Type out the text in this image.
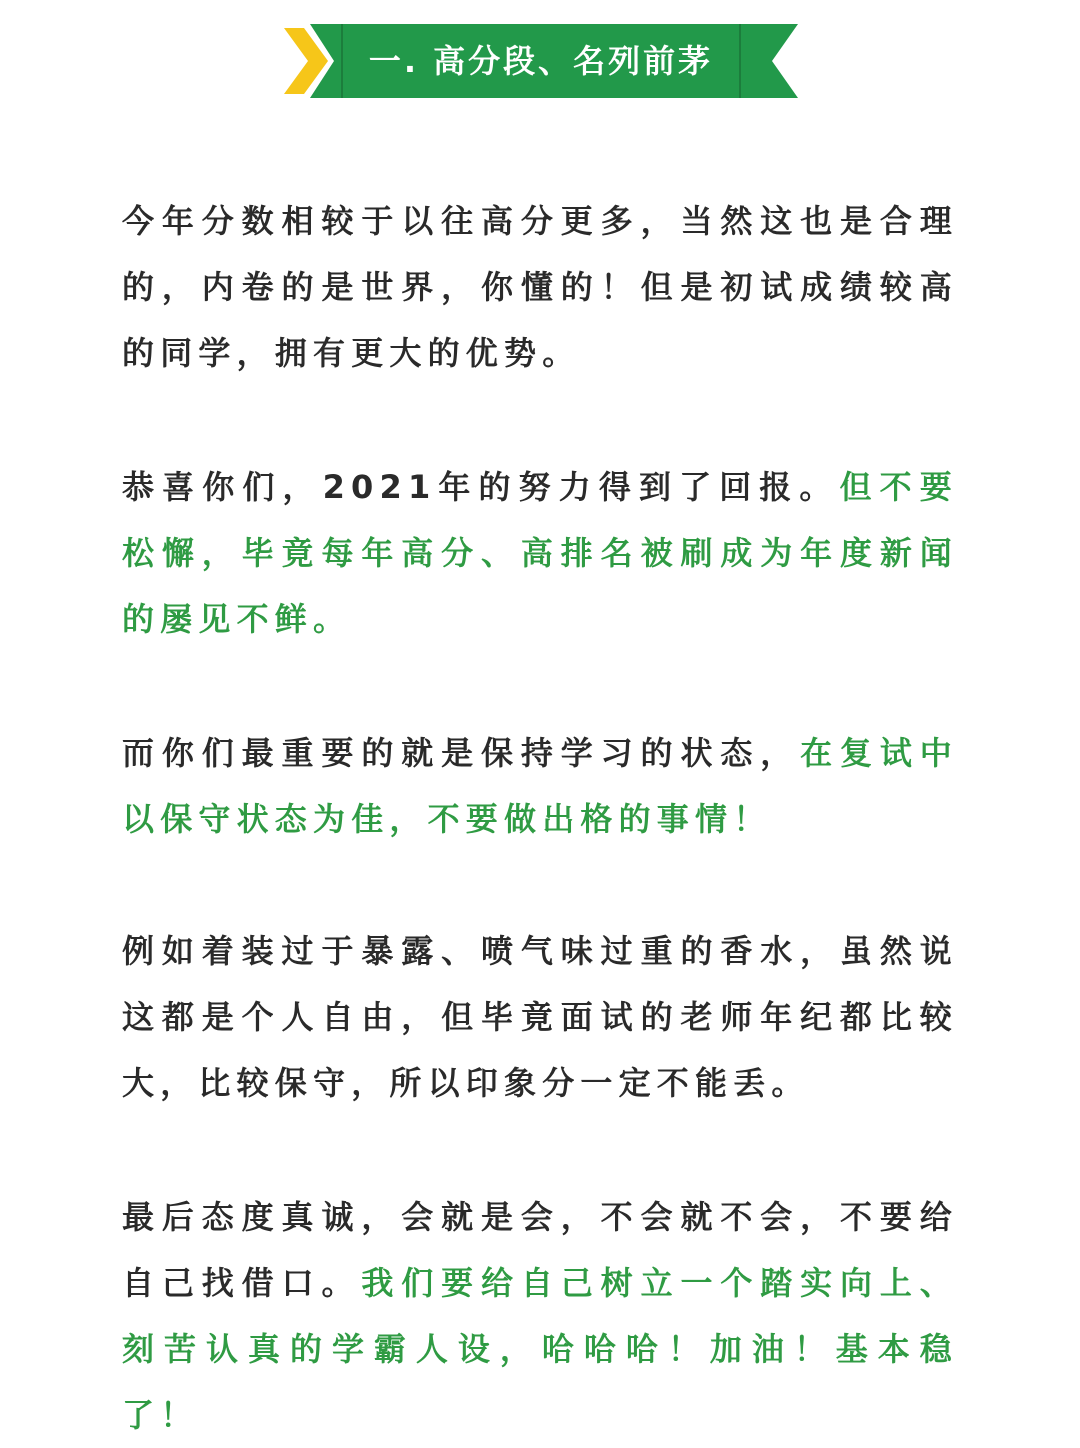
一. 高分段、名列前茅

今年分数相较于以往高分更多，当然这也是合理的，内卷的是世界，你懂的！但是初试成绩较高的同学，拥有更大的优势。

恭喜你们，2021年的努力得到了回报。但不要松懈，毕竟每年高分、高排名被刷成为年度新闻的屡见不鲜。

而你们最重要的就是保持学习的状态，在复试中以保守状态为佳，不要做出格的事情！

例如着装过于暴露、喷气味过重的香水，虽然说这都是个人自由，但毕竟面试的老师年纪都比较大，比较保守，所以印象分一定不能丢。

最后态度真诚，会就是会，不会就不会，不要给自己找借口。我们要给自己树立一个踏实向上、刻苦认真的学霸人设，哈哈哈！加油！基本稳了！
